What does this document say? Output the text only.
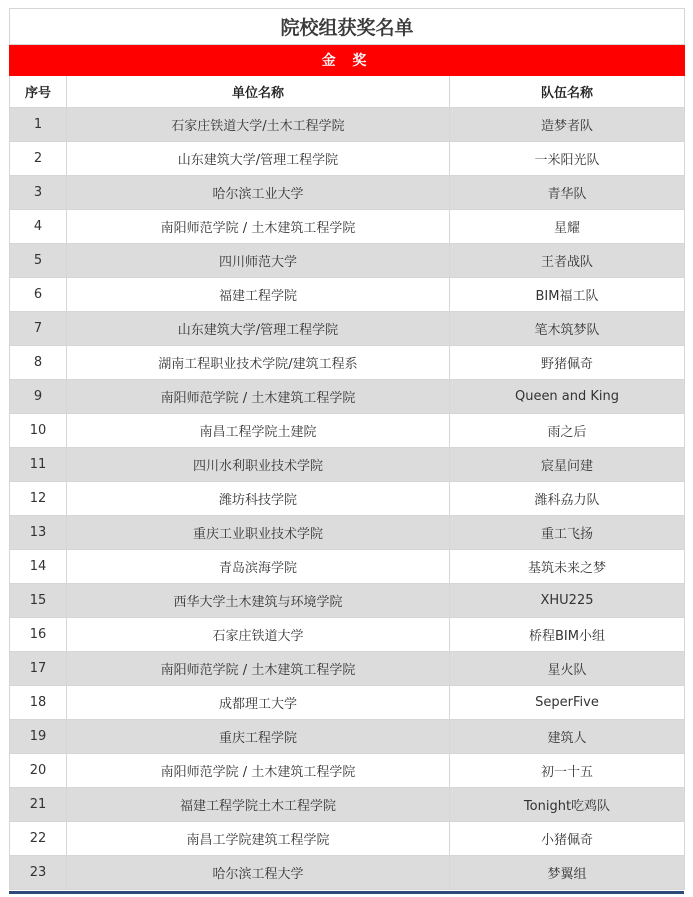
院校组获奖名单		
金 奖		
序号	单位名称	队伍名称
1	石家庄铁道大学/土木工程学院	造梦者队
2	山东建筑大学/管理工程学院	一米阳光队
3	哈尔滨工业大学	青华队
4	南阳师范学院 / 土木建筑工程学院	星耀
5	四川师范大学	王者战队
6	福建工程学院	BIM福工队
7	山东建筑大学/管理工程学院	笔木筑梦队
8	湖南工程职业技术学院/建筑工程系	野猪佩奇
9	南阳师范学院 / 土木建筑工程学院	Queen and King
10	南昌工程学院土建院	雨之后
11	四川水利职业技术学院	宸星问建
12	潍坊科技学院	潍科劦力队
13	重庆工业职业技术学院	重工飞扬
14	青岛滨海学院	基筑未来之梦
15	西华大学土木建筑与环境学院	XHU225
16	石家庄铁道大学	桥程BIM小组
17	南阳师范学院 / 土木建筑工程学院	星火队
18	成都理工大学	SeperFive
19	重庆工程学院	建筑人
20	南阳师范学院 / 土木建筑工程学院	初一十五
21	福建工程学院土木工程学院	Tonight吃鸡队
22	南昌工学院建筑工程学院	小猪佩奇
23	哈尔滨工程大学	梦翼组
